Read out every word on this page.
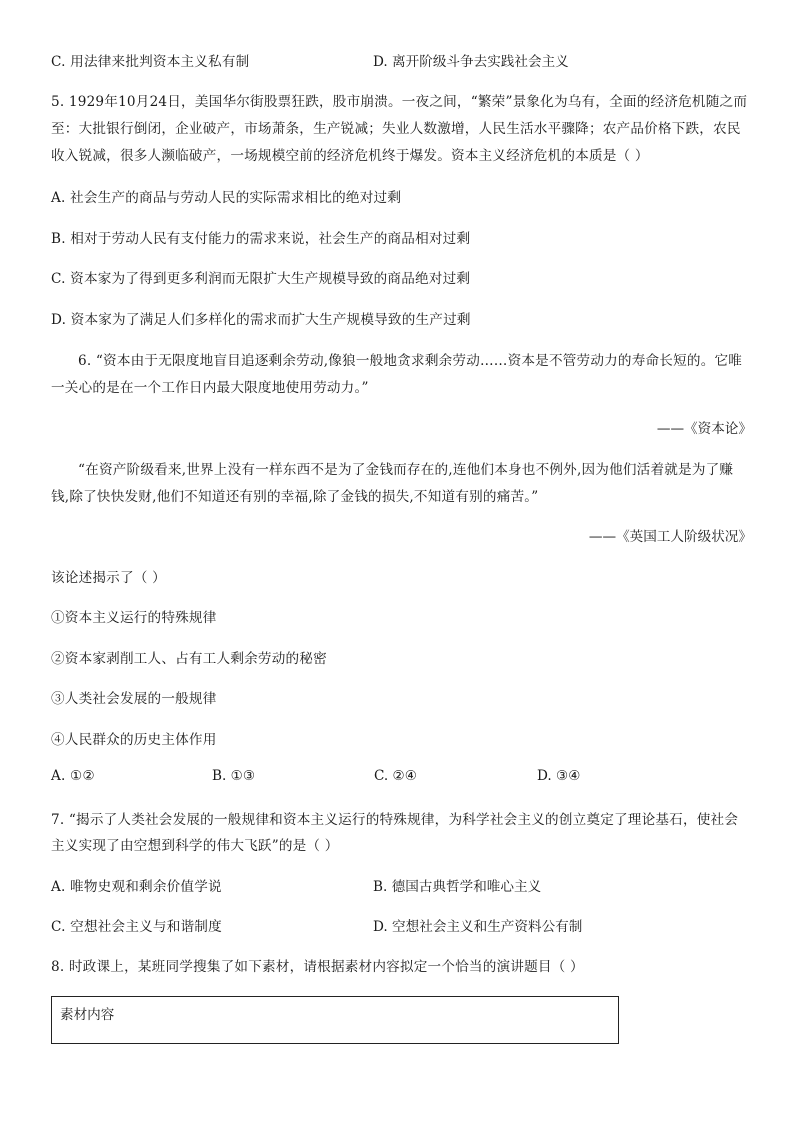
C. 用法律来批判资本主义私有制	D. 离开阶级斗争去实践社会主义
5. 1929年10月24日，美国华尔街股票狂跌，股市崩溃。一夜之间，“繁荣”景象化为乌有，全面的经济危机随之而
至：大批银行倒闭，企业破产，市场萧条，生产锐减；失业人数激增，人民生活水平骤降；农产品价格下跌，农民
收入锐减，很多人濒临破产，一场规模空前的经济危机终于爆发。资本主义经济危机的本质是（ ）
A. 社会生产的商品与劳动人民的实际需求相比的绝对过剩
B. 相对于劳动人民有支付能力的需求来说，社会生产的商品相对过剩
C. 资本家为了得到更多利润而无限扩大生产规模导致的商品绝对过剩
D. 资本家为了满足人们多样化的需求而扩大生产规模导致的生产过剩
6. “资本由于无限度地盲目追逐剩余劳动,像狼一般地贪求剩余劳动……资本是不管劳动力的寿命长短的。它唯
一关心的是在一个工作日内最大限度地使用劳动力。”
——《资本论》
“在资产阶级看来,世界上没有一样东西不是为了金钱而存在的,连他们本身也不例外,因为他们活着就是为了赚
钱,除了快快发财,他们不知道还有别的幸福,除了金钱的损失,不知道有别的痛苦。”
——《英国工人阶级状况》
该论述揭示了（ ）
①资本主义运行的特殊规律
②资本家剥削工人、占有工人剩余劳动的秘密
③人类社会发展的一般规律
④人民群众的历史主体作用
A. ①②	B. ①③	C. ②④	D. ③④
7. “揭示了人类社会发展的一般规律和资本主义运行的特殊规律，为科学社会主义的创立奠定了理论基石，使社会
主义实现了由空想到科学的伟大飞跃”的是（ ）
A. 唯物史观和剩余价值学说	B. 德国古典哲学和唯心主义
C. 空想社会主义与和谐制度	D. 空想社会主义和生产资料公有制
8. 时政课上，某班同学搜集了如下素材，请根据素材内容拟定一个恰当的演讲题目（ ）
素材内容
